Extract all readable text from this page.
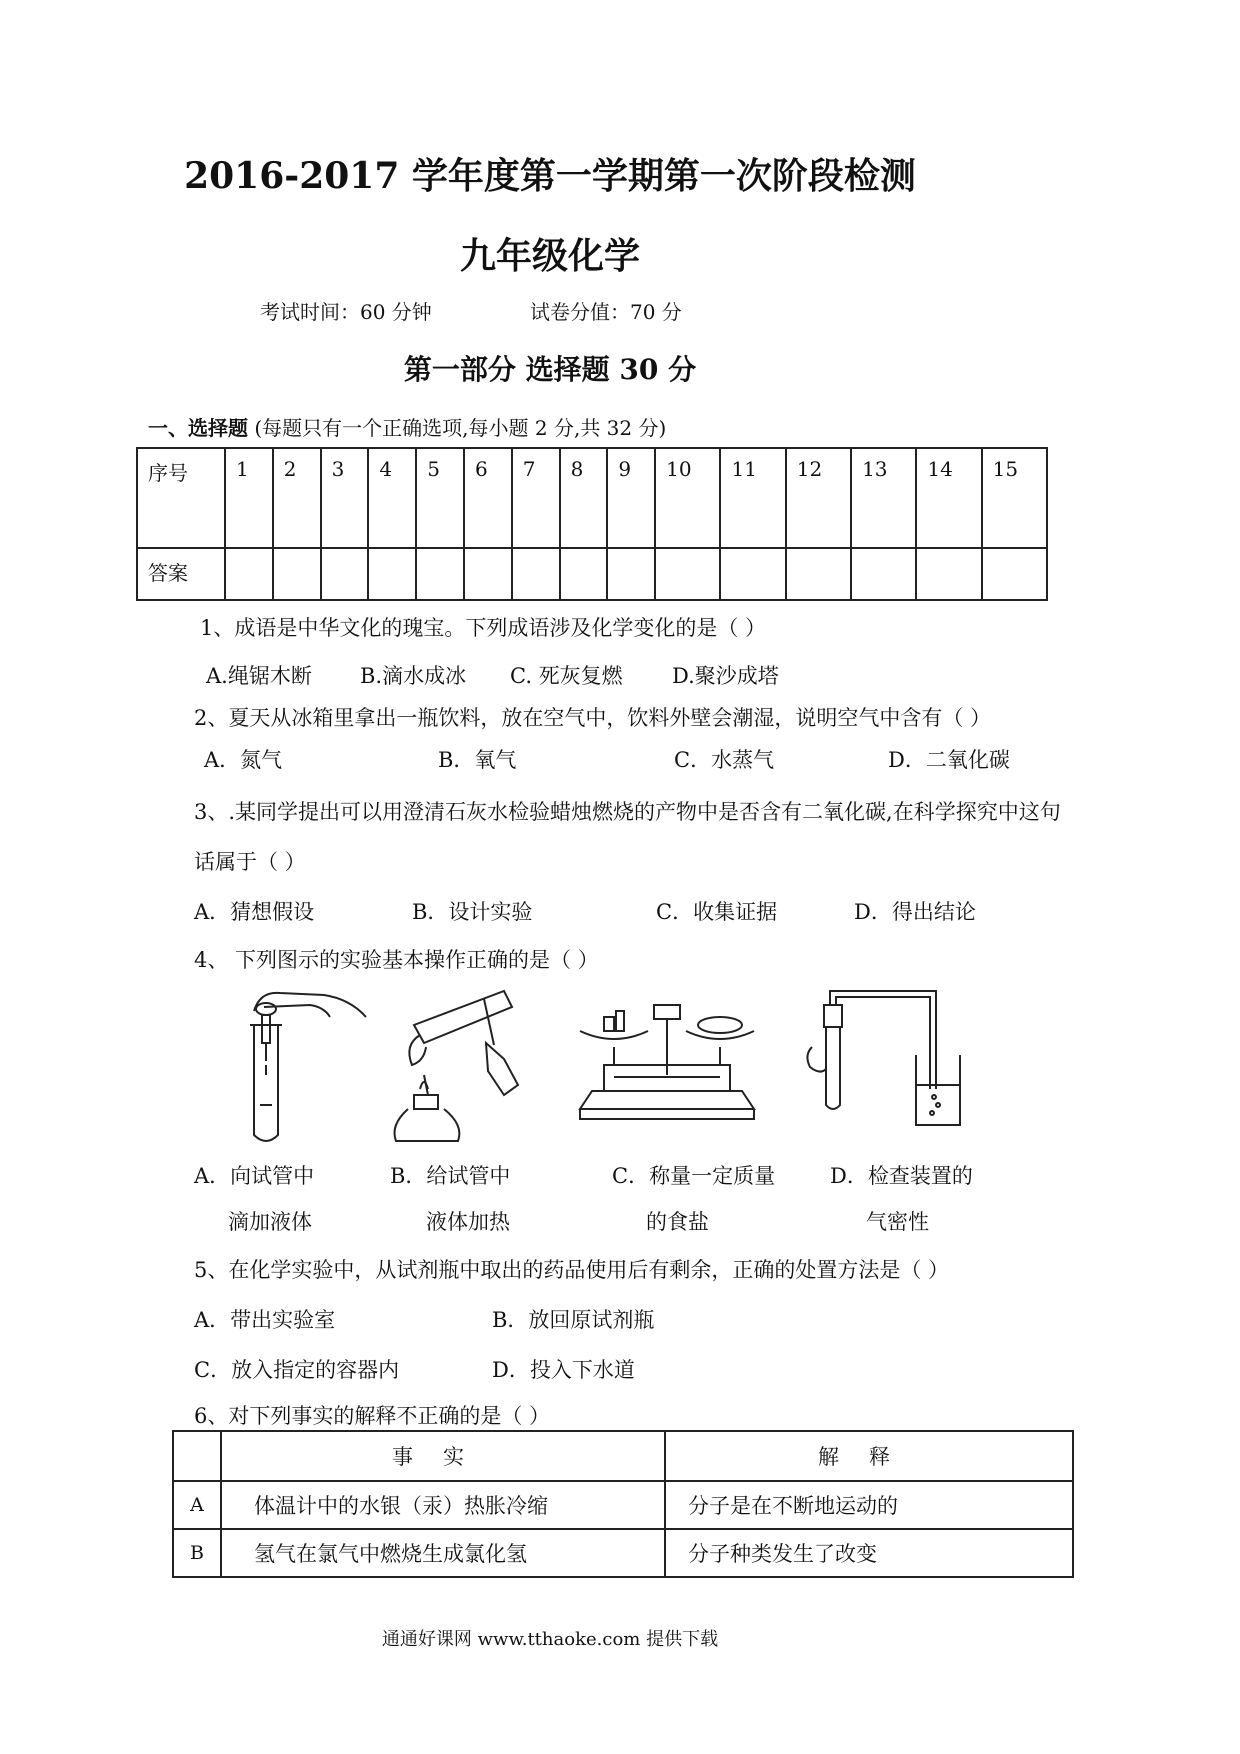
2016-2017 学年度第一学期第一次阶段检测
九年级化学
考试时间：60 分钟	试卷分值：70 分
第一部分 选择题 30 分
一、选择题 (每题只有一个正确选项,每小题 2 分,共 32 分)
序号	1	2	3	4	5	6	7	8	9	10	11	12	13	14	15
答案															
1、成语是中华文化的瑰宝。下列成语涉及化学变化的是（ ）
A.绳锯木断 B.滴水成冰 C. 死灰复燃 D.聚沙成塔
2、夏天从冰箱里拿出一瓶饮料，放在空气中，饮料外壁会潮湿，说明空气中含有（ ）
A．氮气	B．氧气	C．水蒸气	D．二氧化碳
3、.某同学提出可以用澄清石灰水检验蜡烛燃烧的产物中是否含有二氧化碳,在科学探究中这句
话属于（ ）
A．猜想假设	B．设计实验	C．收集证据	D．得出结论
4、 下列图示的实验基本操作正确的是（ ）
A．向试管中
滴加液体
B．给试管中
液体加热
C．称量一定质量
的食盐
D．检查装置的
气密性
5、在化学实验中，从试剂瓶中取出的药品使用后有剩余，正确的处置方法是（ ）
A．带出实验室	B．放回原试剂瓶
C．放入指定的容器内	D．投入下水道
6、对下列事实的解释不正确的是（ ）
	事实	解释
A	体温计中的水银（汞）热胀冷缩	分子是在不断地运动的
B	氢气在氯气中燃烧生成氯化氢	分子种类发生了改变
通通好课网 www.tthaoke.com 提供下载
